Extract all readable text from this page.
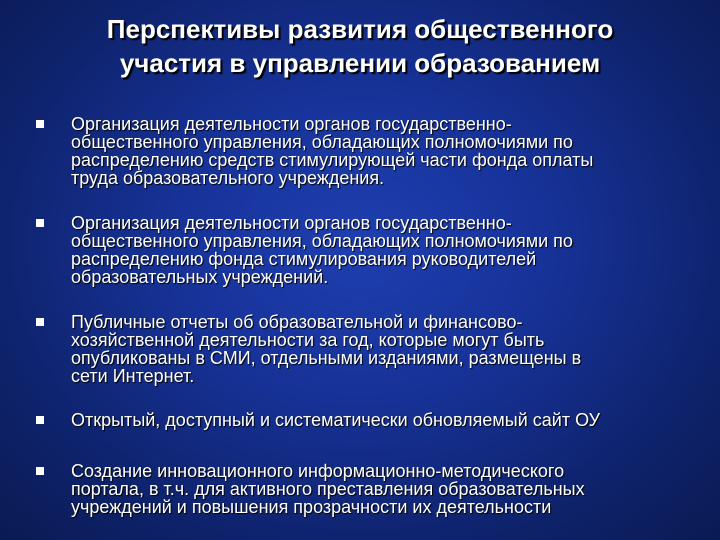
Перспективы развития общественного
участия в управлении образованием
Организация деятельности органов государственно-
общественного управления, обладающих полномочиями по
распределению средств стимулирующей части фонда оплаты
труда образовательного учреждения.
Организация деятельности органов государственно-
общественного управления, обладающих полномочиями по
распределению фонда стимулирования руководителей
образовательных учреждений.
Публичные отчеты об образовательной и финансово-
хозяйственной деятельности за год, которые могут быть
опубликованы в СМИ, отдельными изданиями, размещены в
сети Интернет.
Открытый, доступный и систематически обновляемый сайт ОУ
Создание инновационного информационно-методического
портала, в т.ч. для активного преставления образовательных
учреждений и повышения прозрачности их деятельности
